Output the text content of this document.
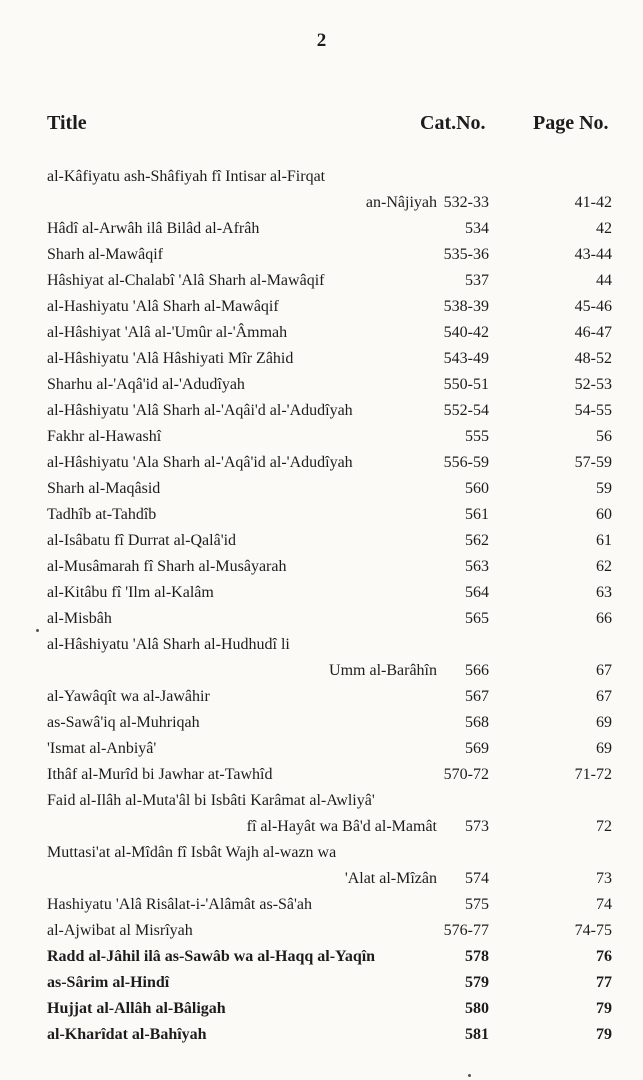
2
Title	Cat.No. Page No.
al-Kâfiyatu ash-Shâfiyah fî Intisar al-Firqat
an-Nâjiyah 532-33	41-42
Hâdî al-Arwâh ilâ Bilâd al-Afrâh	534	42
Sharh al-Mawâqif	535-36	43-44
Hâshiyat al-Chalabî 'Alâ Sharh al-Mawâqif	537	44
al-Hashiyatu 'Alâ Sharh al-Mawâqif	538-39	45-46
al-Hâshiyat 'Alâ al-'Umûr al-'Âmmah	540-42	46-47
al-Hâshiyatu 'Alâ Hâshiyati Mîr Zâhid	543-49	48-52
Sharhu al-'Aqâ'id al-'Adudîyah	550-51	52-53
al-Hâshiyatu 'Alâ Sharh al-'Aqâi'd al-'Adudîyah	552-54	54-55
Fakhr al-Hawashî	555	56
al-Hâshiyatu 'Ala Sharh al-'Aqâ'id al-'Adudîyah	556-59	57-59
Sharh al-Maqâsid	560	59
Tadhîb at-Tahdîb	561	60
al-Isâbatu fî Durrat al-Qalâ'id	562	61
al-Musâmarah fî Sharh al-Musâyarah	563	62
al-Kitâbu fî 'Ilm al-Kalâm	564	63
al-Misbâh	565	66
al-Hâshiyatu 'Alâ Sharh al-Hudhudî li
Umm al-Barâhîn 566	67
al-Yawâqît wa al-Jawâhir	567	67
as-Sawâ'iq al-Muhriqah	568	69
'Ismat al-Anbiyâ'	569	69
Ithâf al-Murîd bi Jawhar at-Tawhîd	570-72	71-72
Faid al-Ilâh al-Muta'âl bi Isbâti Karâmat al-Awliyâ'
fî al-Hayât wa Bâ'd al-Mamât 573	72
Muttasi'at al-Mîdân fî Isbât Wajh al-wazn wa
'Alat al-Mîzân 574	73
Hashiyatu 'Alâ Risâlat-i-'Alâmât as-Sâ'ah	575	74
al-Ajwibat al Misrîyah	576-77	74-75
Radd al-Jâhil ilâ as-Sawâb wa al-Haqq al-Yaqîn	578	76
as-Sârim al-Hindî	579	77
Hujjat al-Allâh al-Bâligah	580	79
al-Kharîdat al-Bahîyah	581	79
